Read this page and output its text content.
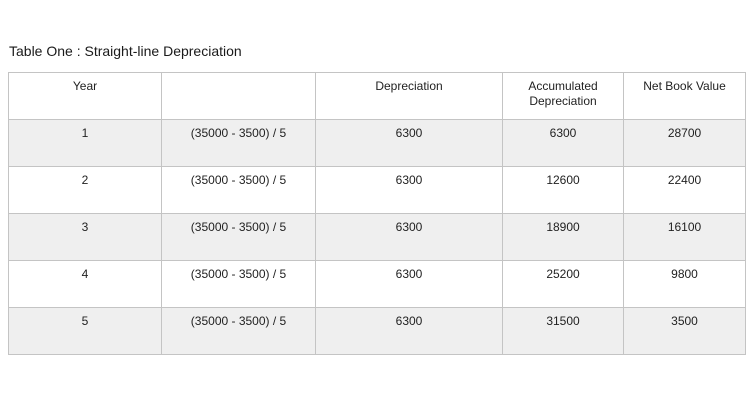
Table One : Straight-line Depreciation
Year		Depreciation	Accumulated Depreciation	Net Book Value
1	(35000 - 3500) / 5	6300	6300	28700
2	(35000 - 3500) / 5	6300	12600	22400
3	(35000 - 3500) / 5	6300	18900	16100
4	(35000 - 3500) / 5	6300	25200	9800
5	(35000 - 3500) / 5	6300	31500	3500
